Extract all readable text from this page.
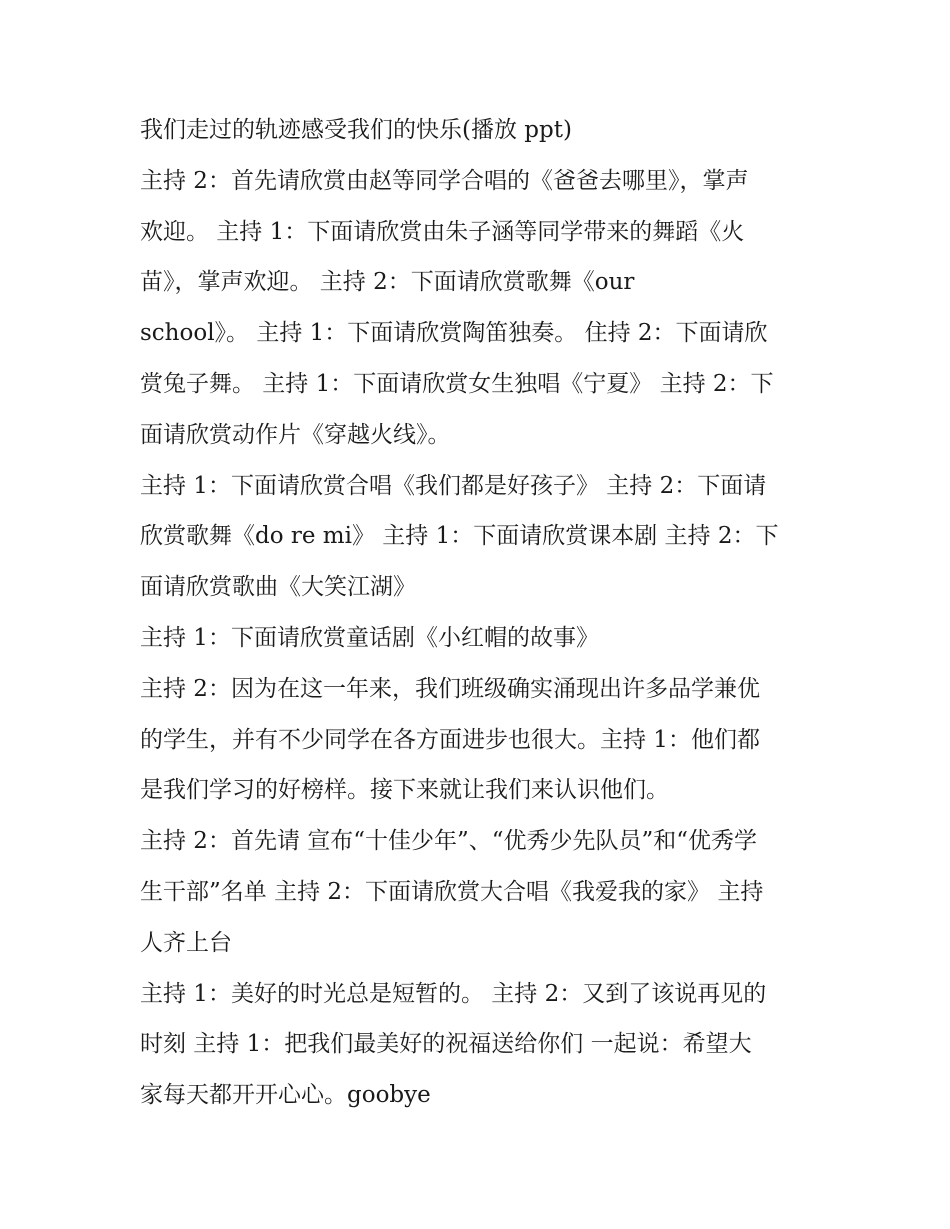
我们走过的轨迹感受我们的快乐(播放 ppt)
主持 2：首先请欣赏由赵等同学合唱的《爸爸去哪里》，掌声
欢迎。 主持 1：下面请欣赏由朱子涵等同学带来的舞蹈《火
苗》，掌声欢迎。 主持 2：下面请欣赏歌舞《our
school》。 主持 1：下面请欣赏陶笛独奏。 住持 2：下面请欣
赏兔子舞。 主持 1：下面请欣赏女生独唱《宁夏》 主持 2：下
面请欣赏动作片《穿越火线》。
主持 1：下面请欣赏合唱《我们都是好孩子》 主持 2：下面请
欣赏歌舞《do re mi》 主持 1：下面请欣赏课本剧 主持 2：下
面请欣赏歌曲《大笑江湖》
主持 1：下面请欣赏童话剧《小红帽的故事》
主持 2：因为在这一年来，我们班级确实涌现出许多品学兼优
的学生，并有不少同学在各方面进步也很大。主持 1：他们都
是我们学习的好榜样。接下来就让我们来认识他们。
主持 2：首先请 宣布“十佳少年”、“优秀少先队员”和“优秀学
生干部”名单 主持 2：下面请欣赏大合唱《我爱我的家》 主持
人齐上台
主持 1：美好的时光总是短暂的。 主持 2：又到了该说再见的
时刻 主持 1：把我们最美好的祝福送给你们 一起说：希望大
家每天都开开心心。goobye
